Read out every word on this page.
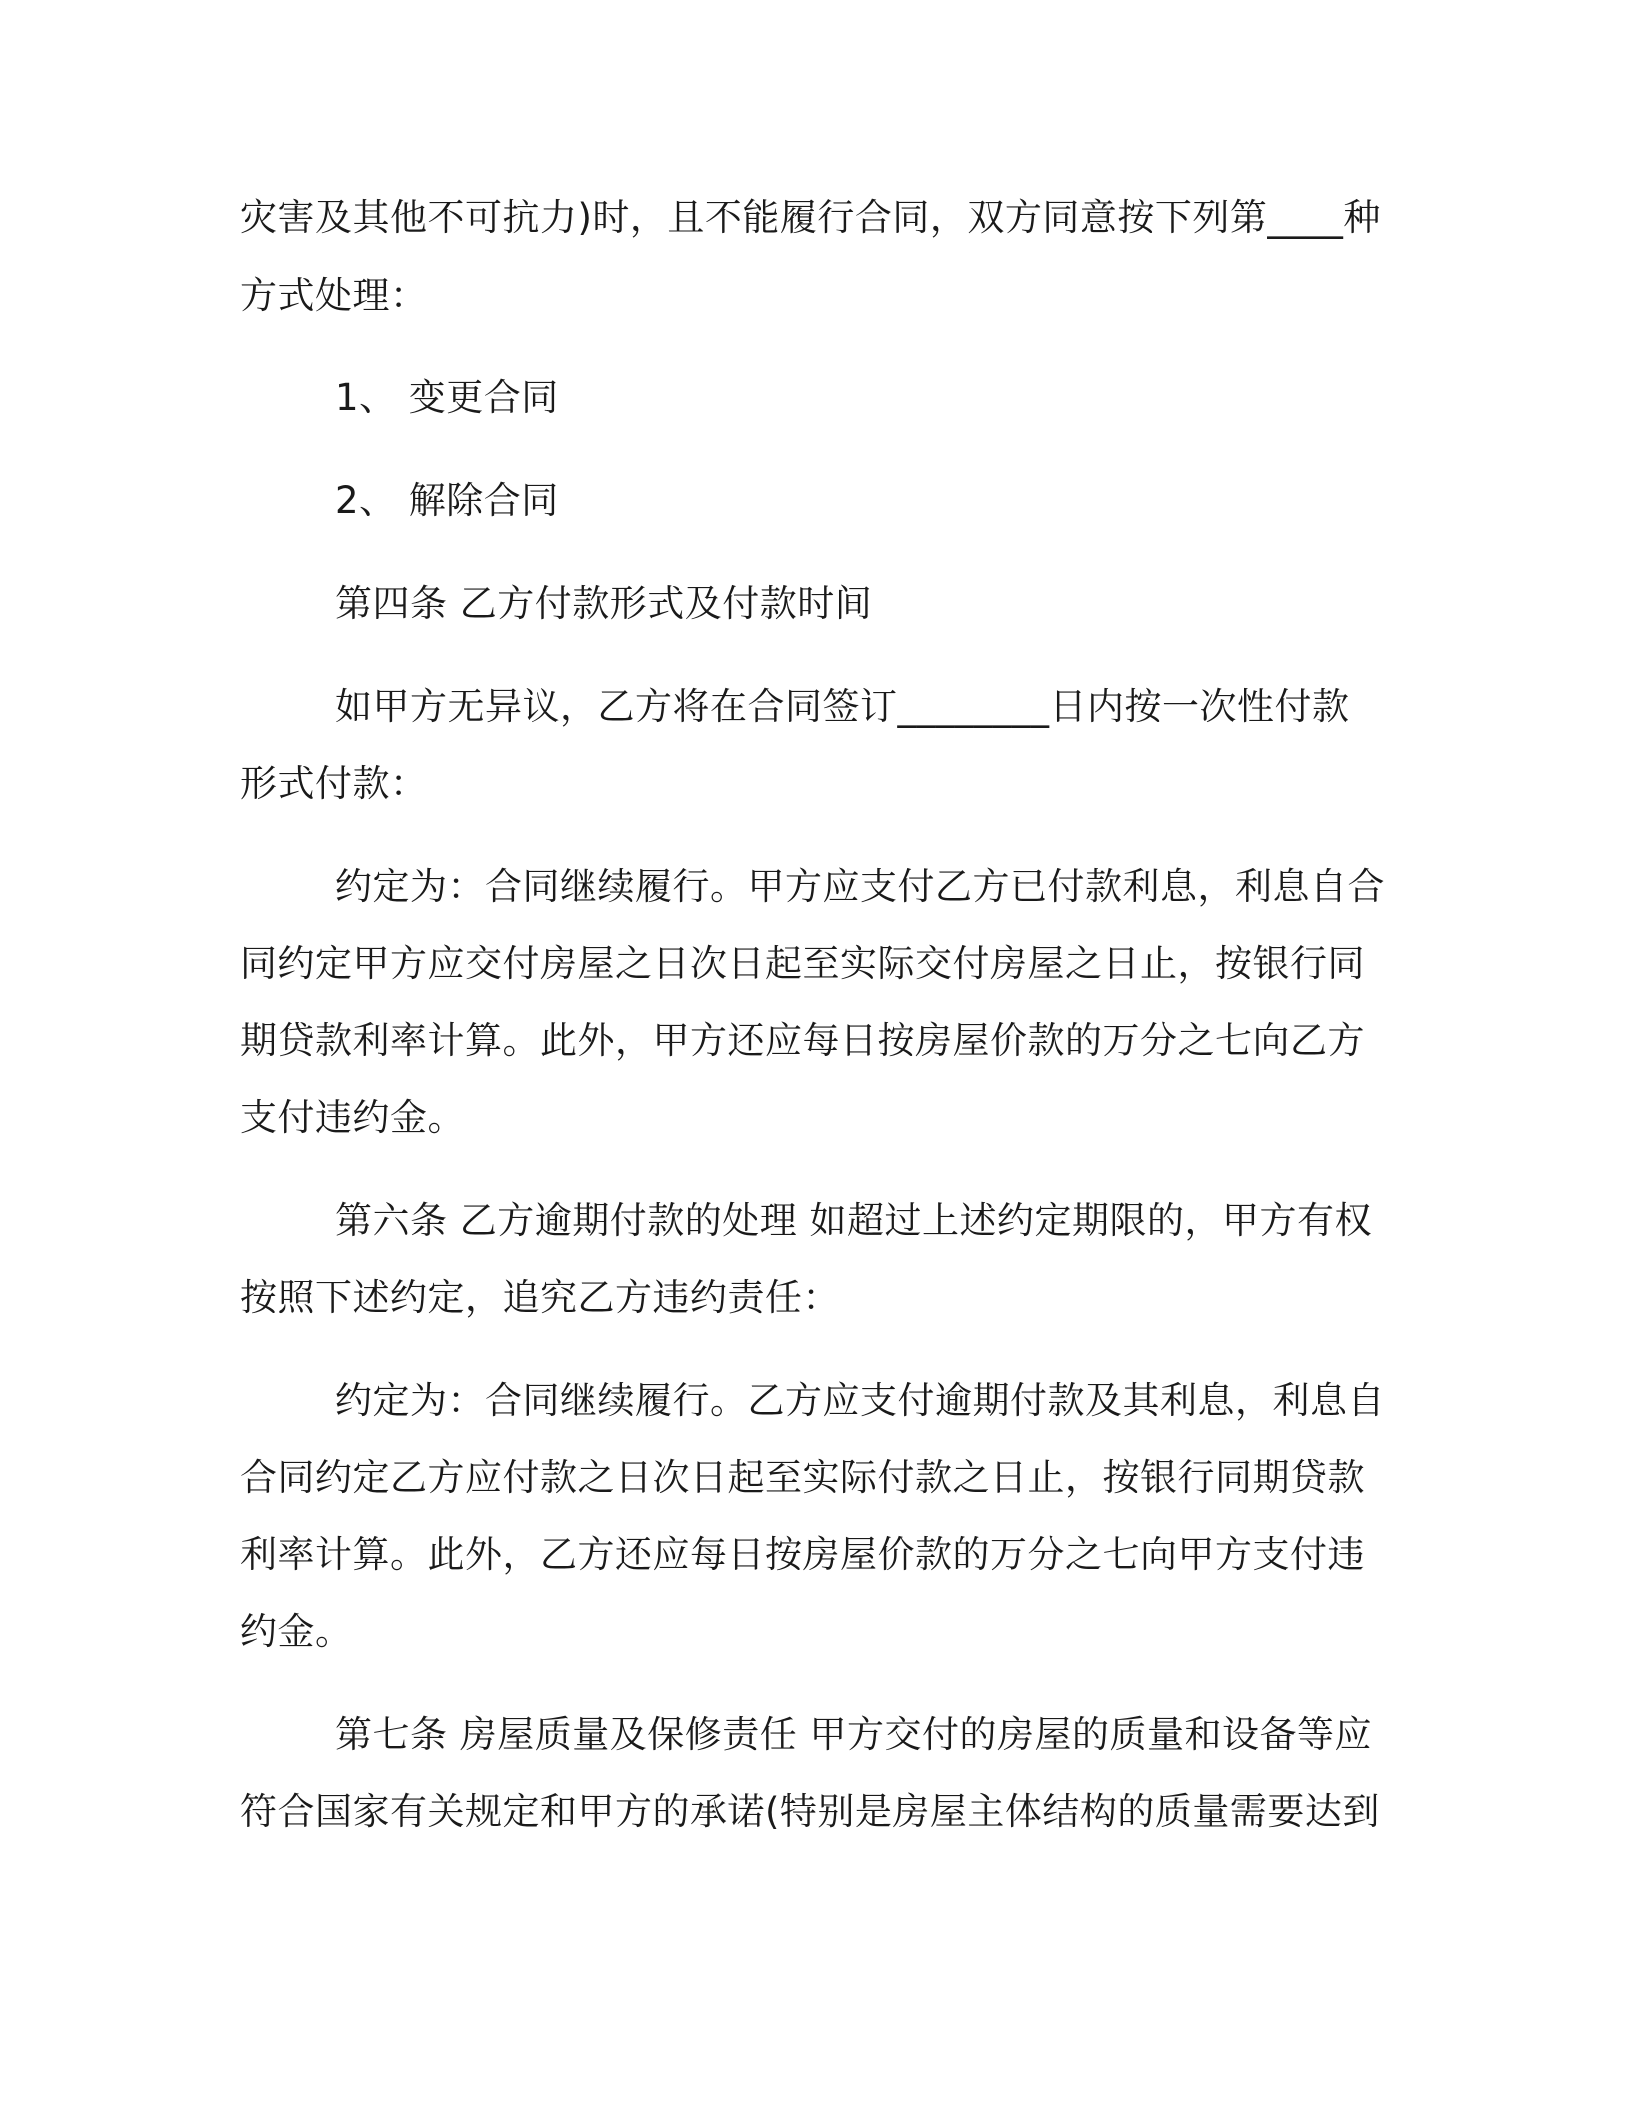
灾害及其他不可抗力)时，且不能履行合同，双方同意按下列第____种
方式处理：
1、 变更合同
2、 解除合同
第四条 乙方付款形式及付款时间
如甲方无异议，乙方将在合同签订________日内按一次性付款
形式付款：
约定为：合同继续履行。甲方应支付乙方已付款利息，利息自合
同约定甲方应交付房屋之日次日起至实际交付房屋之日止，按银行同
期贷款利率计算。此外，甲方还应每日按房屋价款的万分之七向乙方
支付违约金。
第六条 乙方逾期付款的处理 如超过上述约定期限的，甲方有权
按照下述约定，追究乙方违约责任：
约定为：合同继续履行。乙方应支付逾期付款及其利息，利息自
合同约定乙方应付款之日次日起至实际付款之日止，按银行同期贷款
利率计算。此外，乙方还应每日按房屋价款的万分之七向甲方支付违
约金。
第七条 房屋质量及保修责任 甲方交付的房屋的质量和设备等应
符合国家有关规定和甲方的承诺(特别是房屋主体结构的质量需要达到
